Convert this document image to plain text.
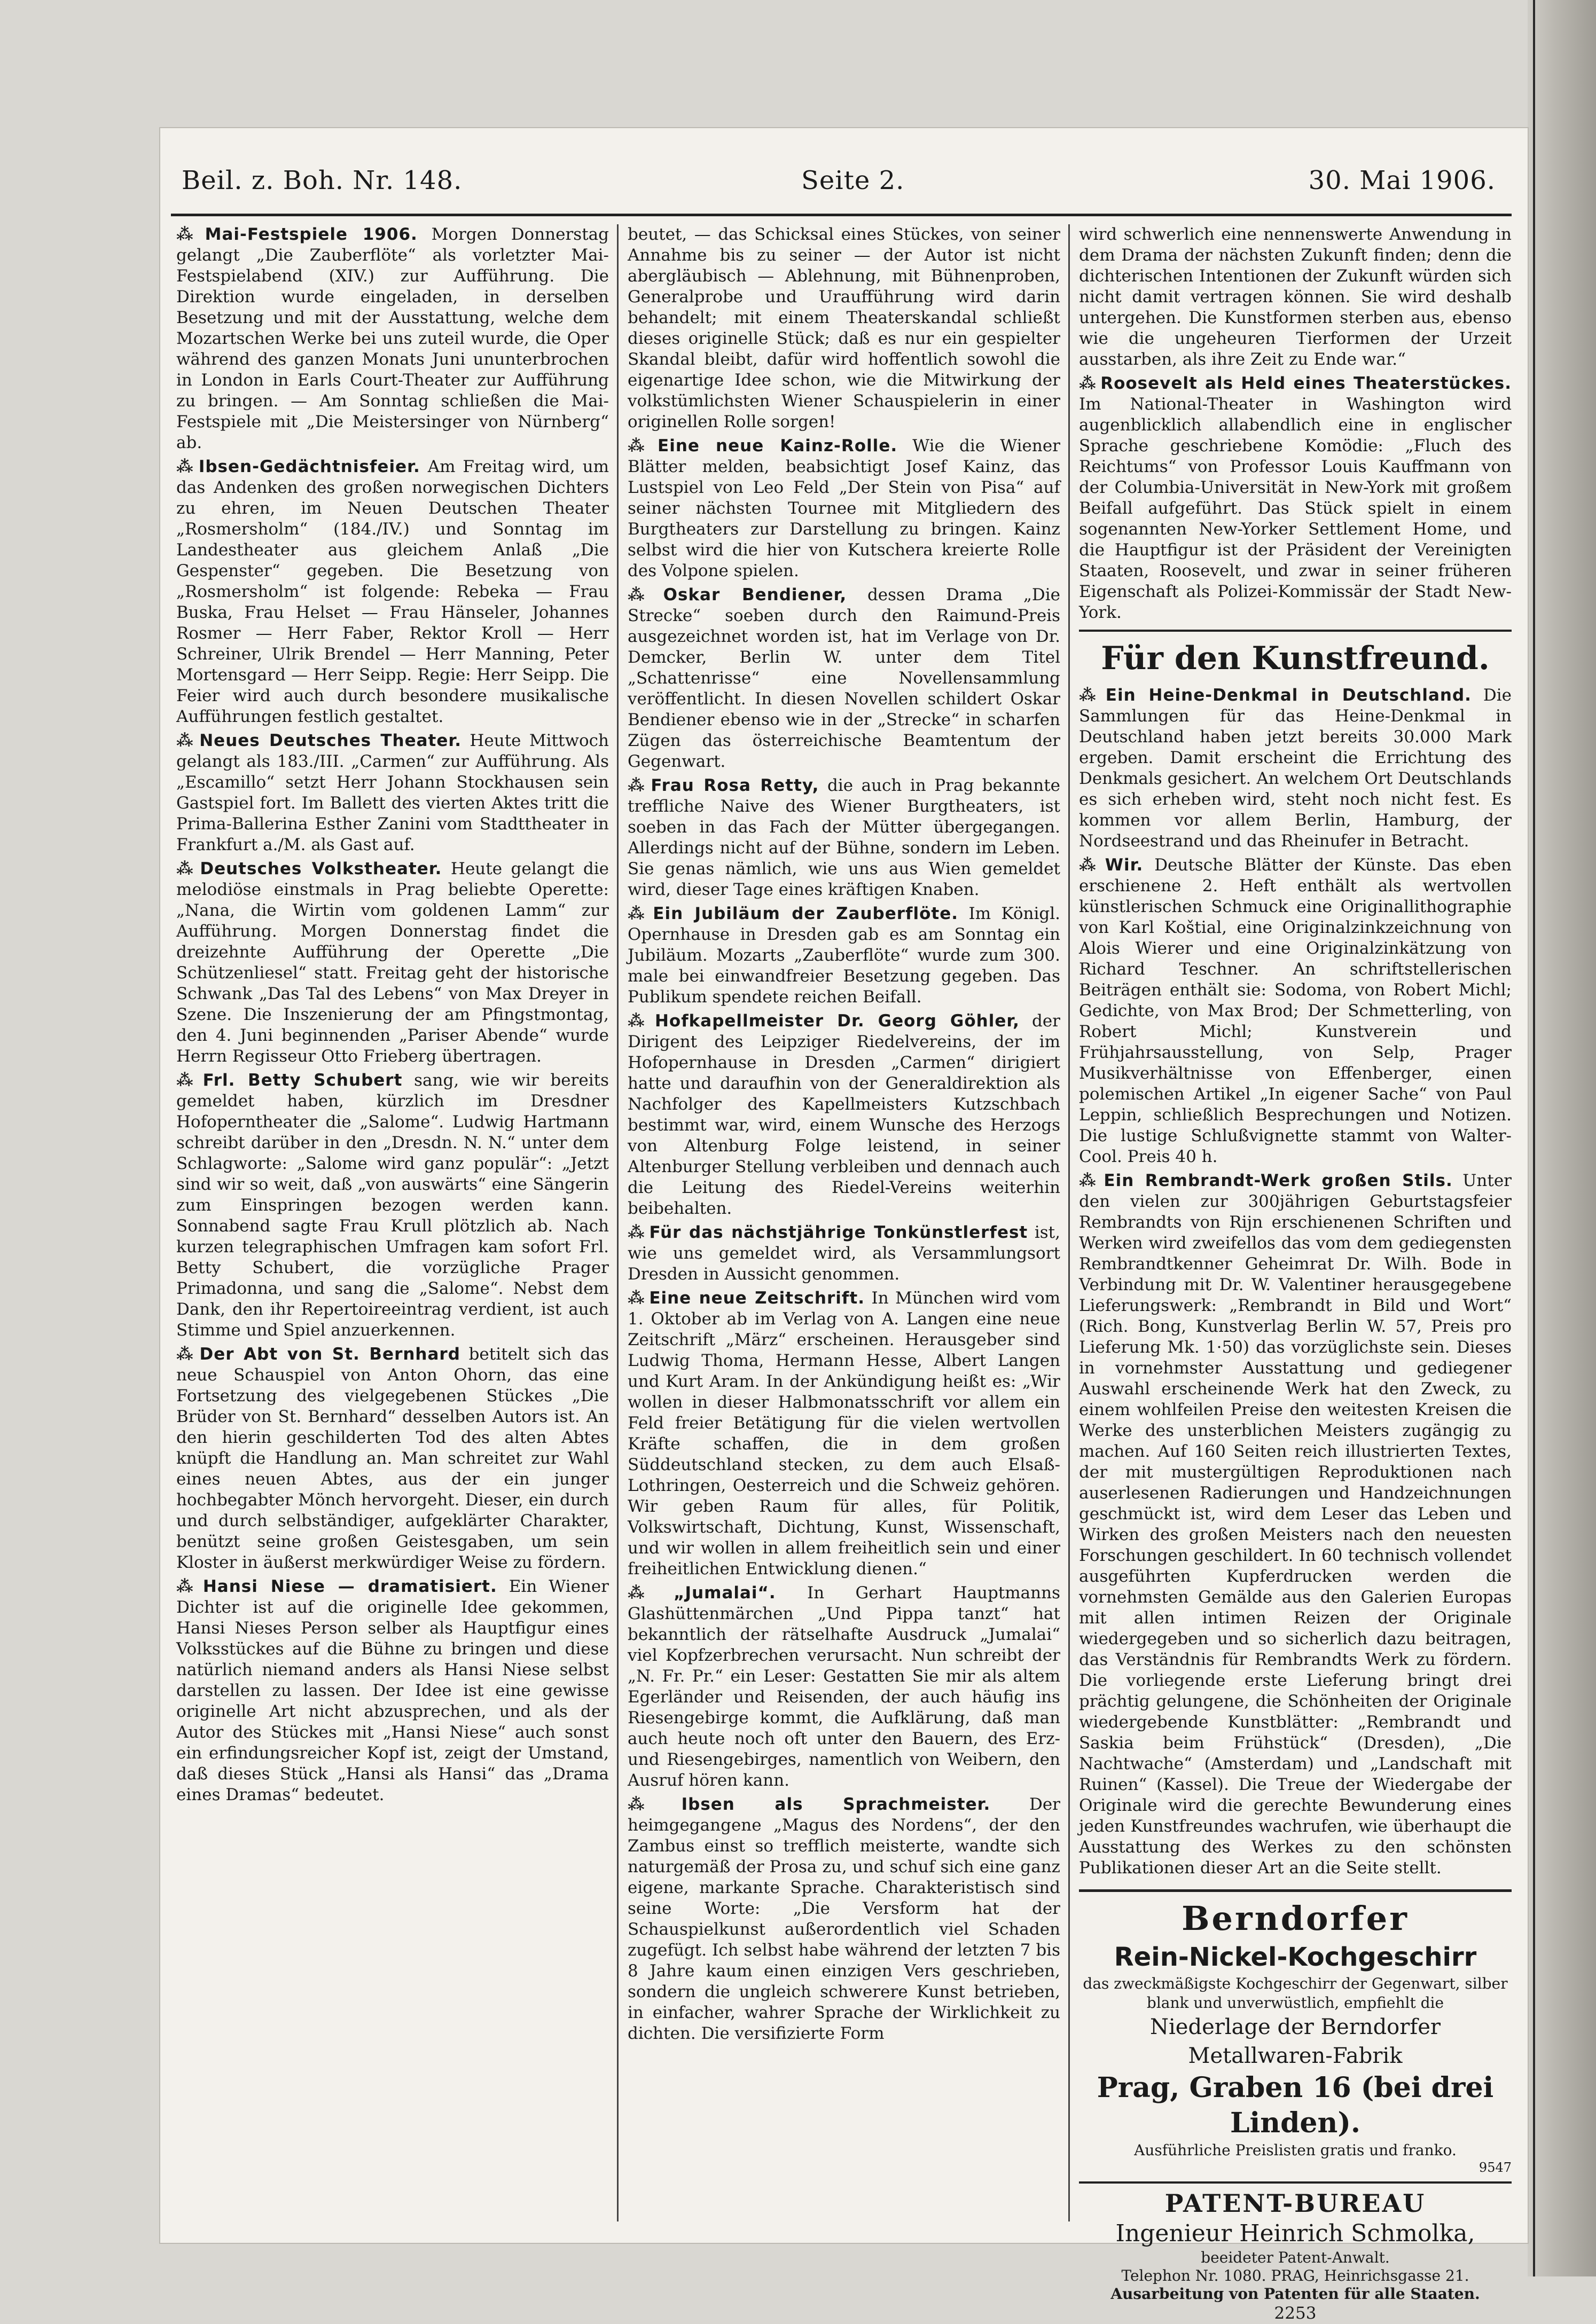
Beil. z. Boh. Nr. 148.	Seite 2.	30. Mai 1906.

⁂ Mai-Festspiele 1906. Morgen Donnerstag gelangt „Die Zauberflöte“ als vorletzter Mai-Festspielabend (XIV.) zur Aufführung. Die Direktion wurde eingeladen, in derselben Besetzung und mit der Ausstattung, welche dem Mozartschen Werke bei uns zuteil wurde, die Oper während des ganzen Monats Juni ununterbrochen in London in Earls Court-Theater zur Aufführung zu bringen. — Am Sonntag schließen die Mai-Festspiele mit „Die Meistersinger von Nürnberg“ ab.

⁂ Ibsen-Gedächtnisfeier. Am Freitag wird, um das Andenken des großen norwegischen Dichters zu ehren, im Neuen Deutschen Theater „Rosmersholm“ (184./IV.) und Sonntag im Landestheater aus gleichem Anlaß „Die Gespenster“ gegeben. Die Besetzung von „Rosmersholm“ ist folgende: Rebeka — Frau Buska, Frau Helset — Frau Hänseler, Johannes Rosmer — Herr Faber, Rektor Kroll — Herr Schreiner, Ulrik Brendel — Herr Manning, Peter Mortensgard — Herr Seipp. Regie: Herr Seipp. Die Feier wird auch durch besondere musikalische Aufführungen festlich gestaltet.

⁂ Neues Deutsches Theater. Heute Mittwoch gelangt als 183./III. „Carmen“ zur Aufführung. Als „Escamillo“ setzt Herr Johann Stockhausen sein Gastspiel fort. Im Ballett des vierten Aktes tritt die Prima-Ballerina Esther Zanini vom Stadttheater in Frankfurt a./M. als Gast auf.

⁂ Deutsches Volkstheater. Heute gelangt die melodiöse einstmals in Prag beliebte Operette: „Nana, die Wirtin vom goldenen Lamm“ zur Aufführung. Morgen Donnerstag findet die dreizehnte Aufführung der Operette „Die Schützenliesel“ statt. Freitag geht der historische Schwank „Das Tal des Lebens“ von Max Dreyer in Szene. Die Inszenierung der am Pfingstmontag, den 4. Juni beginnenden „Pariser Abende“ wurde Herrn Regisseur Otto Frieberg übertragen.

⁂ Frl. Betty Schubert sang, wie wir bereits gemeldet haben, kürzlich im Dresdner Hofoperntheater die „Salome“. Ludwig Hartmann schreibt darüber in den „Dresdn. N. N.“ unter dem Schlagworte: „Salome wird ganz populär“: „Jetzt sind wir so weit, daß „von auswärts“ eine Sängerin zum Einspringen bezogen werden kann. Sonnabend sagte Frau Krull plötzlich ab. Nach kurzen telegraphischen Umfragen kam sofort Frl. Betty Schubert, die vorzügliche Prager Primadonna, und sang die „Salome“. Nebst dem Dank, den ihr Repertoireeintrag verdient, ist auch Stimme und Spiel anzuerkennen.

⁂ Der Abt von St. Bernhard betitelt sich das neue Schauspiel von Anton Ohorn, das eine Fortsetzung des vielgegebenen Stückes „Die Brüder von St. Bernhard“ desselben Autors ist. An den hierin geschilderten Tod des alten Abtes knüpft die Handlung an. Man schreitet zur Wahl eines neuen Abtes, aus der ein junger hochbegabter Mönch hervorgeht. Dieser, ein durch und durch selbständiger, aufgeklärter Charakter, benützt seine großen Geistesgaben, um sein Kloster in äußerst merkwürdiger Weise zu fördern.

⁂ Hansi Niese — dramatisiert. Ein Wiener Dichter ist auf die originelle Idee gekommen, Hansi Nieses Person selber als Hauptfigur eines Volksstückes auf die Bühne zu bringen und diese natürlich niemand anders als Hansi Niese selbst darstellen zu lassen. Der Idee ist eine gewisse originelle Art nicht abzusprechen, und als der Autor des Stückes mit „Hansi Niese“ auch sonst ein erfindungsreicher Kopf ist, zeigt der Umstand, daß dieses Stück „Hansi als Hansi“ das „Drama eines Dramas“ bedeutet.

beutet, — das Schicksal eines Stückes, von seiner Annahme bis zu seiner — der Autor ist nicht abergläubisch — Ablehnung, mit Bühnenproben, Generalprobe und Uraufführung wird darin behandelt; mit einem Theaterskandal schließt dieses originelle Stück; daß es nur ein gespielter Skandal bleibt, dafür wird hoffentlich sowohl die eigenartige Idee schon, wie die Mitwirkung der volkstümlichsten Wiener Schauspielerin in einer originellen Rolle sorgen!

⁂ Eine neue Kainz-Rolle. Wie die Wiener Blätter melden, beabsichtigt Josef Kainz, das Lustspiel von Leo Feld „Der Stein von Pisa“ auf seiner nächsten Tournee mit Mitgliedern des Burgtheaters zur Darstellung zu bringen. Kainz selbst wird die hier von Kutschera kreierte Rolle des Volpone spielen.

⁂ Oskar Bendiener, dessen Drama „Die Strecke“ soeben durch den Raimund-Preis ausgezeichnet worden ist, hat im Verlage von Dr. Demcker, Berlin W. unter dem Titel „Schattenrisse“ eine Novellensammlung veröffentlicht. In diesen Novellen schildert Oskar Bendiener ebenso wie in der „Strecke“ in scharfen Zügen das österreichische Beamtentum der Gegenwart.

⁂ Frau Rosa Retty, die auch in Prag bekannte treffliche Naive des Wiener Burgtheaters, ist soeben in das Fach der Mütter übergegangen. Allerdings nicht auf der Bühne, sondern im Leben. Sie genas nämlich, wie uns aus Wien gemeldet wird, dieser Tage eines kräftigen Knaben.

⁂ Ein Jubiläum der Zauberflöte. Im Königl. Opernhause in Dresden gab es am Sonntag ein Jubiläum. Mozarts „Zauberflöte“ wurde zum 300. male bei einwandfreier Besetzung gegeben. Das Publikum spendete reichen Beifall.

⁂ Hofkapellmeister Dr. Georg Göhler, der Dirigent des Leipziger Riedelvereins, der im Hofopernhause in Dresden „Carmen“ dirigiert hatte und daraufhin von der Generaldirektion als Nachfolger des Kapellmeisters Kutzschbach bestimmt war, wird, einem Wunsche des Herzogs von Altenburg Folge leistend, in seiner Altenburger Stellung verbleiben und dennach auch die Leitung des Riedel-Vereins weiterhin beibehalten.

⁂ Für das nächstjährige Tonkünstlerfest ist, wie uns gemeldet wird, als Versammlungsort Dresden in Aussicht genommen.

⁂ Eine neue Zeitschrift. In München wird vom 1. Oktober ab im Verlag von A. Langen eine neue Zeitschrift „März“ erscheinen. Herausgeber sind Ludwig Thoma, Hermann Hesse, Albert Langen und Kurt Aram. In der Ankündigung heißt es: „Wir wollen in dieser Halbmonatsschrift vor allem ein Feld freier Betätigung für die vielen wertvollen Kräfte schaffen, die in dem großen Süddeutschland stecken, zu dem auch Elsaß-Lothringen, Oesterreich und die Schweiz gehören. Wir geben Raum für alles, für Politik, Volkswirtschaft, Dichtung, Kunst, Wissenschaft, und wir wollen in allem freiheitlich sein und einer freiheitlichen Entwicklung dienen.“

⁂ „Jumalai“. In Gerhart Hauptmanns Glashüttenmärchen „Und Pippa tanzt“ hat bekanntlich der rätselhafte Ausdruck „Jumalai“ viel Kopfzerbrechen verursacht. Nun schreibt der „N. Fr. Pr.“ ein Leser: Gestatten Sie mir als altem Egerländer und Reisenden, der auch häufig ins Riesengebirge kommt, die Aufklärung, daß man auch heute noch oft unter den Bauern, des Erz- und Riesengebirges, namentlich von Weibern, den Ausruf hören kann.

⁂ Ibsen als Sprachmeister. Der heimgegangene „Magus des Nordens“, der den Zambus einst so trefflich meisterte, wandte sich naturgemäß der Prosa zu, und schuf sich eine ganz eigene, markante Sprache. Charakteristisch sind seine Worte: „Die Versform hat der Schauspielkunst außerordentlich viel Schaden zugefügt. Ich selbst habe während der letzten 7 bis 8 Jahre kaum einen einzigen Vers geschrieben, sondern die ungleich schwerere Kunst betrieben, in einfacher, wahrer Sprache der Wirklichkeit zu dichten. Die versifizierte Form

wird schwerlich eine nennenswerte Anwendung in dem Drama der nächsten Zukunft finden; denn die dichterischen Intentionen der Zukunft würden sich nicht damit vertragen können. Sie wird deshalb untergehen. Die Kunstformen sterben aus, ebenso wie die ungeheuren Tierformen der Urzeit ausstarben, als ihre Zeit zu Ende war.“

⁂ Roosevelt als Held eines Theaterstückes. Im National-Theater in Washington wird augenblicklich allabendlich eine in englischer Sprache geschriebene Komödie: „Fluch des Reichtums“ von Professor Louis Kauffmann von der Columbia-Universität in New-York mit großem Beifall aufgeführt. Das Stück spielt in einem sogenannten New-Yorker Settlement Home, und die Hauptfigur ist der Präsident der Vereinigten Staaten, Roosevelt, und zwar in seiner früheren Eigenschaft als Polizei-Kommissär der Stadt New-York.

Für den Kunstfreund.

⁂ Ein Heine-Denkmal in Deutschland. Die Sammlungen für das Heine-Denkmal in Deutschland haben jetzt bereits 30.000 Mark ergeben. Damit erscheint die Errichtung des Denkmals gesichert. An welchem Ort Deutschlands es sich erheben wird, steht noch nicht fest. Es kommen vor allem Berlin, Hamburg, der Nordseestrand und das Rheinufer in Betracht.

⁂ Wir. Deutsche Blätter der Künste. Das eben erschienene 2. Heft enthält als wertvollen künstlerischen Schmuck eine Originallithographie von Karl Koštial, eine Originalzinkzeichnung von Alois Wierer und eine Originalzinkätzung von Richard Teschner. An schriftstellerischen Beiträgen enthält sie: Sodoma, von Robert Michl; Gedichte, von Max Brod; Der Schmetterling, von Robert Michl; Kunstverein und Frühjahrsausstellung, von Selp, Prager Musikverhältnisse von Effenberger, einen polemischen Artikel „In eigener Sache“ von Paul Leppin, schließlich Besprechungen und Notizen. Die lustige Schlußvignette stammt von Walter-Cool. Preis 40 h.

⁂ Ein Rembrandt-Werk großen Stils. Unter den vielen zur 300jährigen Geburtstagsfeier Rembrandts von Rijn erschienenen Schriften und Werken wird zweifellos das vom dem gediegensten Rembrandtkenner Geheimrat Dr. Wilh. Bode in Verbindung mit Dr. W. Valentiner herausgegebene Lieferungswerk: „Rembrandt in Bild und Wort“ (Rich. Bong, Kunstverlag Berlin W. 57, Preis pro Lieferung Mk. 1·50) das vorzüglichste sein. Dieses in vornehmster Ausstattung und gediegener Auswahl erscheinende Werk hat den Zweck, zu einem wohlfeilen Preise den weitesten Kreisen die Werke des unsterblichen Meisters zugängig zu machen. Auf 160 Seiten reich illustrierten Textes, der mit mustergültigen Reproduktionen nach auserlesenen Radierungen und Handzeichnungen geschmückt ist, wird dem Leser das Leben und Wirken des großen Meisters nach den neuesten Forschungen geschildert. In 60 technisch vollendet ausgeführten Kupferdrucken werden die vornehmsten Gemälde aus den Galerien Europas mit allen intimen Reizen der Originale wiedergegeben und so sicherlich dazu beitragen, das Verständnis für Rembrandts Werk zu fördern. Die vorliegende erste Lieferung bringt drei prächtig gelungene, die Schönheiten der Originale wiedergebende Kunstblätter: „Rembrandt und Saskia beim Frühstück“ (Dresden), „Die Nachtwache“ (Amsterdam) und „Landschaft mit Ruinen“ (Kassel). Die Treue der Wiedergabe der Originale wird die gerechte Bewunderung eines jeden Kunstfreundes wachrufen, wie überhaupt die Ausstattung des Werkes zu den schönsten Publikationen dieser Art an die Seite stellt.

Berndorfer
Rein-Nickel-Kochgeschirr
das zweckmäßigste Kochgeschirr der Gegenwart, silber blank und unverwüstlich, empfiehlt die
Niederlage der Berndorfer Metallwaren-Fabrik
Prag, Graben 16 (bei drei Linden).
Ausführliche Preislisten gratis und franko.
9547
PATENT-BUREAU
Ingenieur Heinrich Schmolka,
beeideter Patent-Anwalt.
Telephon Nr. 1080. PRAG, Heinrichsgasse 21.
Ausarbeitung von Patenten für alle Staaten.
2253
